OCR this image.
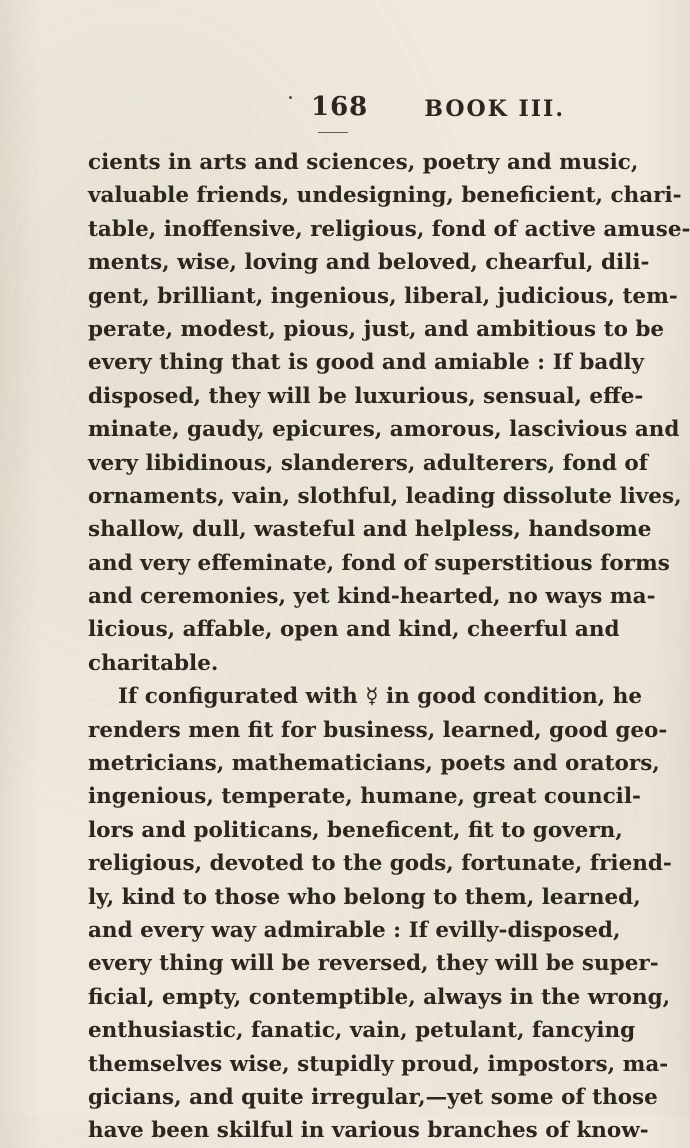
168	BOOK III.
cients in arts and sciences, poetry and music,
valuable friends, undesigning, beneficient, chari-
table, inoffensive, religious, fond of active amuse-
ments, wise, loving and beloved, chearful, dili-
gent, brilliant, ingenious, liberal, judicious, tem-
perate, modest, pious, just, and ambitious to be
every thing that is good and amiable : If badly
disposed, they will be luxurious, sensual, effe-
minate, gaudy, epicures, amorous, lascivious and
very libidinous, slanderers, adulterers, fond of
ornaments, vain, slothful, leading dissolute lives,
shallow, dull, wasteful and helpless, handsome
and very effeminate, fond of superstitious forms
and ceremonies, yet kind-hearted, no ways ma-
licious, affable, open and kind, cheerful and
charitable.
If configurated with ☿ in good condition, he
renders men fit for business, learned, good geo-
metricians, mathematicians, poets and orators,
ingenious, temperate, humane, great council-
lors and politicans, beneficent, fit to govern,
religious, devoted to the gods, fortunate, friend-
ly, kind to those who belong to them, learned,
and every way admirable : If evilly-disposed,
every thing will be reversed, they will be super-
ficial, empty, contemptible, always in the wrong,
enthusiastic, fanatic, vain, petulant, fancying
themselves wise, stupidly proud, impostors, ma-
gicians, and quite irregular,—yet some of those
have been skilful in various branches of know-
